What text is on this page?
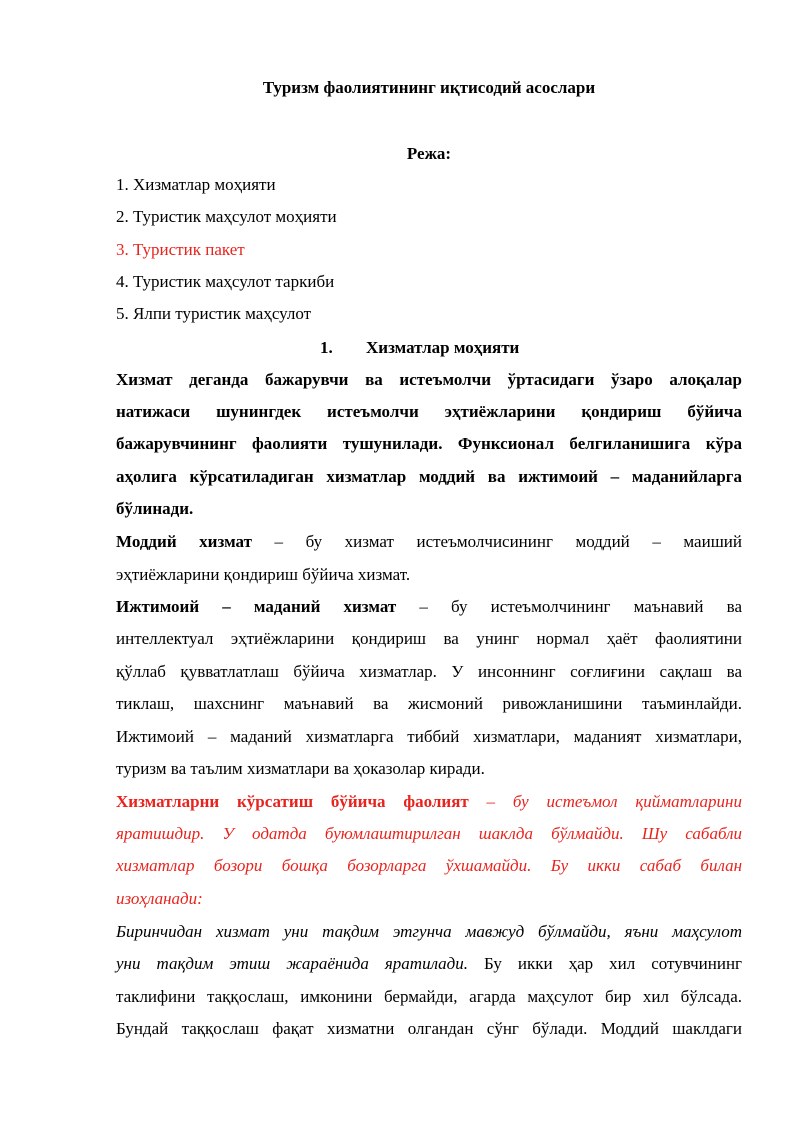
Туризм фаолиятининг иқтисодий асослари
Режа:
1. Хизматлар моҳияти
2. Туристик маҳсулот моҳияти
3. Туристик пакет
4. Туристик маҳсулот таркиби
5. Ялпи туристик маҳсулот
1. Хизматлар моҳияти
Хизмат деганда бажарувчи ва истеъмолчи ўртасидаги ўзаро алоқалар
натижаси шунингдек истеъмолчи эҳтиёжларини қондириш бўйича
бажарувчининг фаолияти тушунилади. Функсионал белгиланишига кўра
аҳолига кўрсатиладиган хизматлар моддий ва ижтимоий – маданийларга
бўлинади.
Моддий хизмат – бу хизмат истеъмолчисининг моддий – маиший
эҳтиёжларини қондириш бўйича хизмат.
Ижтимоий – маданий хизмат – бу истеъмолчининг маънавий ва
интеллектуал эҳтиёжларини қондириш ва унинг нормал ҳаёт фаолиятини
қўллаб қувватлатлаш бўйича хизматлар. У инсоннинг соғлиғини сақлаш ва
тиклаш, шахснинг маънавий ва жисмоний ривожланишини таъминлайди.
Ижтимоий – маданий хизматларга тиббий хизматлари, маданият хизматлари,
туризм ва таълим хизматлари ва ҳоказолар киради.
Хизматларни кўрсатиш бўйича фаолият – бу истеъмол қийматларини
яратишдир. У одатда буюмлаштирилган шаклда бўлмайди. Шу сабабли
хизматлар бозори бошқа бозорларга ўхшамайди. Бу икки сабаб билан
изоҳланади:
Биринчидан хизмат уни тақдим этгунча мавжуд бўлмайди, яъни маҳсулот
уни тақдим этиш жараёнида яратилади. Бу икки ҳар хил сотувчининг
таклифини таққослаш, имконини бермайди, агарда маҳсулот бир хил бўлсада.
Бундай таққослаш фақат хизматни олгандан сўнг бўлади. Моддий шаклдаги
